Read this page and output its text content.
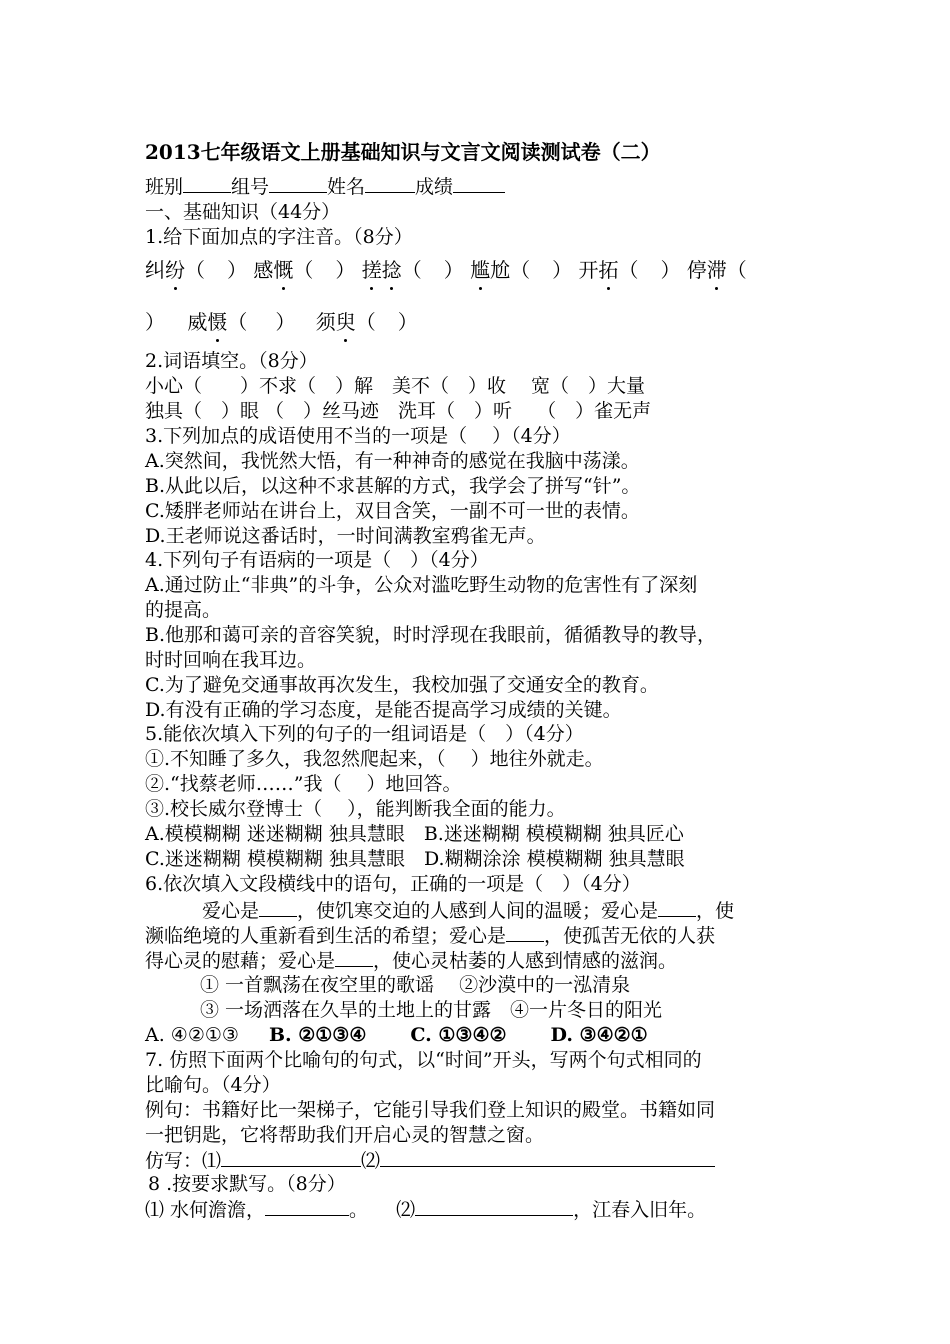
2013七年级语文上册基础知识与文言文阅读测试卷（二）
班别	组号	姓名	成绩
一、基础知识（44分）
1.给下面加点的字注音。（8分）
纠纷（ ） 感慨（ ） 搓捻（ ） 尴尬（ ） 开拓（ ） 停滞（
） 威慑（ ） 须臾（ ）
2.词语填空。（8分）
小心（　　）不求（　）解　美不（　）收　 宽（　）大量
独具（　）眼 （　）丝马迹　洗耳（　）听　 （　）雀无声
3.下列加点的成语使用不当的一项是（　 ）（4分）
A.突然间，我恍然大悟，有一种神奇的感觉在我脑中荡漾。
B.从此以后，以这种不求甚解的方式，我学会了拼写“针”。
C.矮胖老师站在讲台上，双目含笑，一副不可一世的表情。
D.王老师说这番话时，一时间满教室鸦雀无声。
4.下列句子有语病的一项是（　）（4分）
A.通过防止“非典”的斗争，公众对滥吃野生动物的危害性有了深刻
的提高。
B.他那和蔼可亲的音容笑貌，时时浮现在我眼前，循循教导的教导，
时时回响在我耳边。
C.为了避免交通事故再次发生，我校加强了交通安全的教育。
D.有没有正确的学习态度，是能否提高学习成绩的关键。
5.能依次填入下列的句子的一组词语是（　）（4分）
①.不知睡了多久，我忽然爬起来，（　 ）地往外就走。
②.“找蔡老师……”我（　 ）地回答。
③.校长威尔登博士（　 ），能判断我全面的能力。
A.模模糊糊 迷迷糊糊 独具慧眼　B.迷迷糊糊 模模糊糊 独具匠心
C.迷迷糊糊 模模糊糊 独具慧眼　D.糊糊涂涂 模模糊糊 独具慧眼
6.依次填入文段横线中的语句，正确的一项是（　）（4分）
爱心是 ，使饥寒交迫的人感到人间的温暖；爱心是 ，使
濒临绝境的人重新看到生活的希望；爱心是 ，使孤苦无依的人获
得心灵的慰藉；爱心是 ，使心灵枯萎的人感到情感的滋润。
① 一首飘荡在夜空里的歌谣　 ②沙漠中的一泓清泉
③ 一场洒落在久旱的土地上的甘露　④一片冬日的阳光
A. ④②①③ B. ②①③④ C. ①③④② D. ③④②①
7. 仿照下面两个比喻句的句式，以“时间”开头，写两个句式相同的
比喻句。（4分）
例句：书籍好比一架梯子，它能引导我们登上知识的殿堂。书籍如同
一把钥匙，它将帮助我们开启心灵的智慧之窗。
仿写：⑴	⑵
8 .按要求默写。（8分）
⑴ 水何澹澹，	。 ⑵	，江春入旧年。
